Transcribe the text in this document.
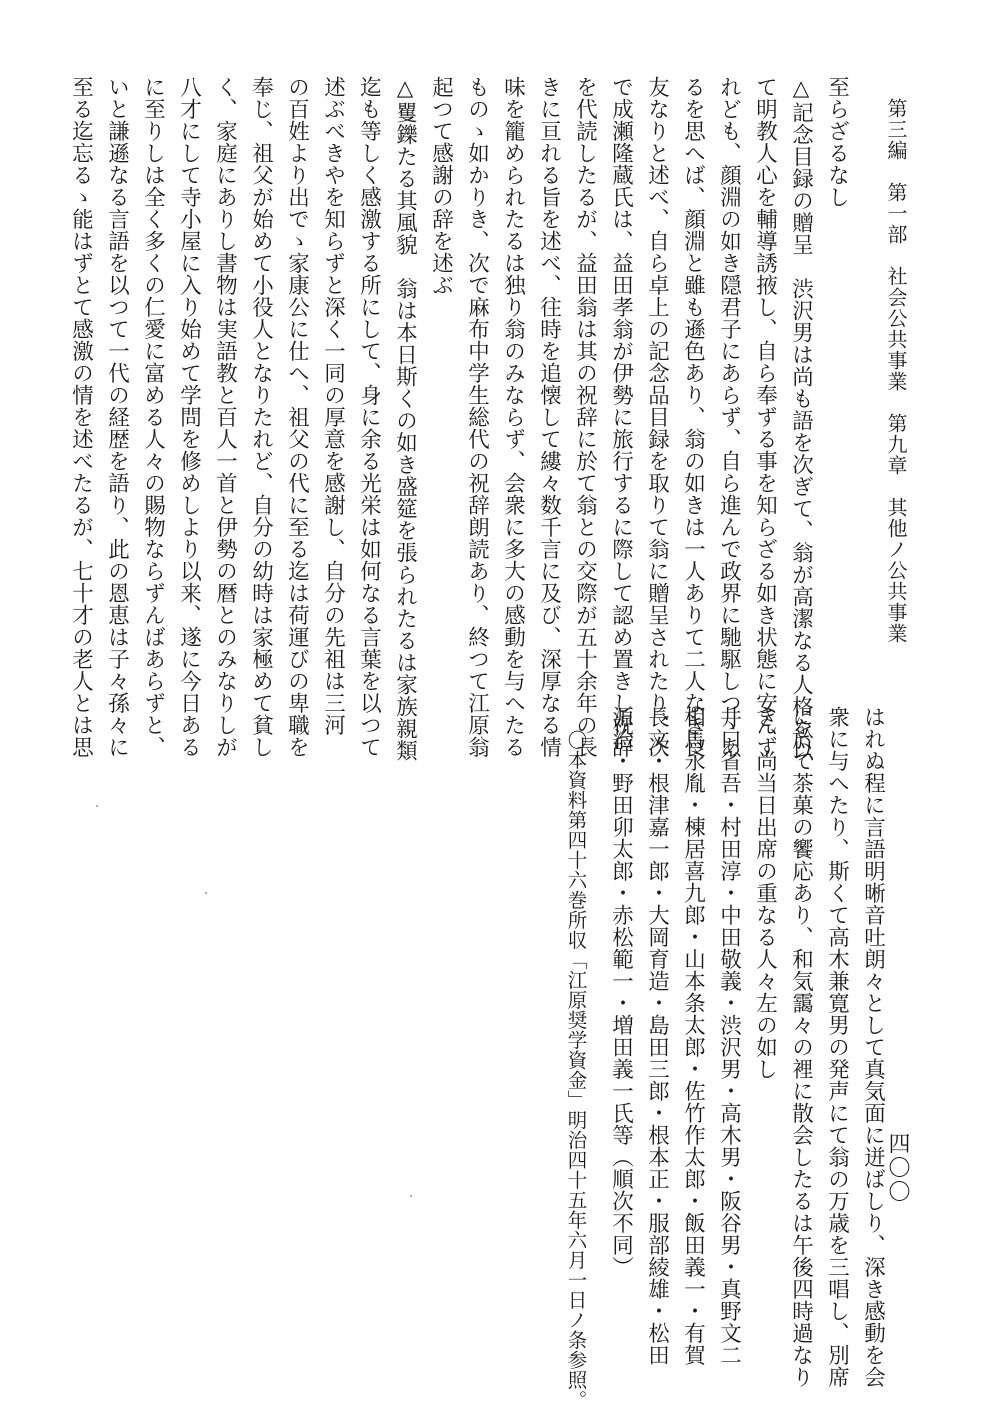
第三編　第一部　社会公共事業　第九章　其他ノ公共事業
四〇〇
至らざるなし
△記念目録の贈呈　渋沢男は尚も語を次ぎて、翁が高潔なる人格を以
て明教人心を輔導誘掖し、自ら奉ずる事を知らざる如き状態に安んず
れども、顔淵の如き隠君子にあらず、自ら進んで政界に馳駆しつゝあ
るを思へば、顔淵と雖も遜色あり、翁の如きは一人ありて二人なき良
友なりと述べ、自ら卓上の記念品目録を取りて翁に贈呈されたり、次
で成瀬隆蔵氏は、益田孝翁が伊勢に旅行するに際して認め置きし祝辞
を代読したるが、益田翁は其の祝辞に於て翁との交際が五十余年の長
きに亘れる旨を述べ、往時を追懐して縷々数千言に及び、深厚なる情
味を籠められたるは独り翁のみならず、会衆に多大の感動を与へたる
ものゝ如かりき、次で麻布中学生総代の祝辞朗読あり、終つて江原翁
起つて感謝の辞を述ぶ
△矍鑠たる其風貌　翁は本日斯くの如き盛筵を張られたるは家族親類
迄も等しく感激する所にして、身に余る光栄は如何なる言葉を以つて
述ぶべきやを知らずと深く一同の厚意を感謝し、自分の先祖は三河
の百姓より出でゝ家康公に仕へ、祖父の代に至る迄は荷運びの卑職を
奉じ、祖父が始めて小役人となりたれど、自分の幼時は家極めて貧し
く、家庭にありし書物は実語教と百人一首と伊勢の暦とのみなりしが
八才にして寺小屋に入り始めて学問を修めしより以来、遂に今日ある
に至りしは全く多くの仁愛に富める人々の賜物ならずんばあらずと、
いと謙遜なる言語を以つて一代の経歴を語り、此の恩恵は子々孫々に
至る迄忘るゝ能はずとて感激の情を述べたるが、七十才の老人とは思
はれぬ程に言語明晰音吐朗々として真気面に迸ばしり、深き感動を会
衆に与へたり、斯くて高木兼寛男の発声にて翁の万歳を三唱し、別席
に於て茶菓の饗応あり、和気靄々の裡に散会したるは午後四時過なり
き、尚当日出席の重なる人々左の如し
井口省吾・村田淳・中田敬義・渋沢男・高木男・阪谷男・真野文二
相馬永胤・棟居喜九郎・山本条太郎・佐竹作太郎・飯田義一・有賀
長文・根津嘉一郎・大岡育造・島田三郎・根本正・服部綾雄・松田
源治・野田卯太郎・赤松範一・増田義一氏等（順次不同）
〇本資料第四十六巻所収「江原奨学資金」明治四十五年六月一日ノ条参照。
